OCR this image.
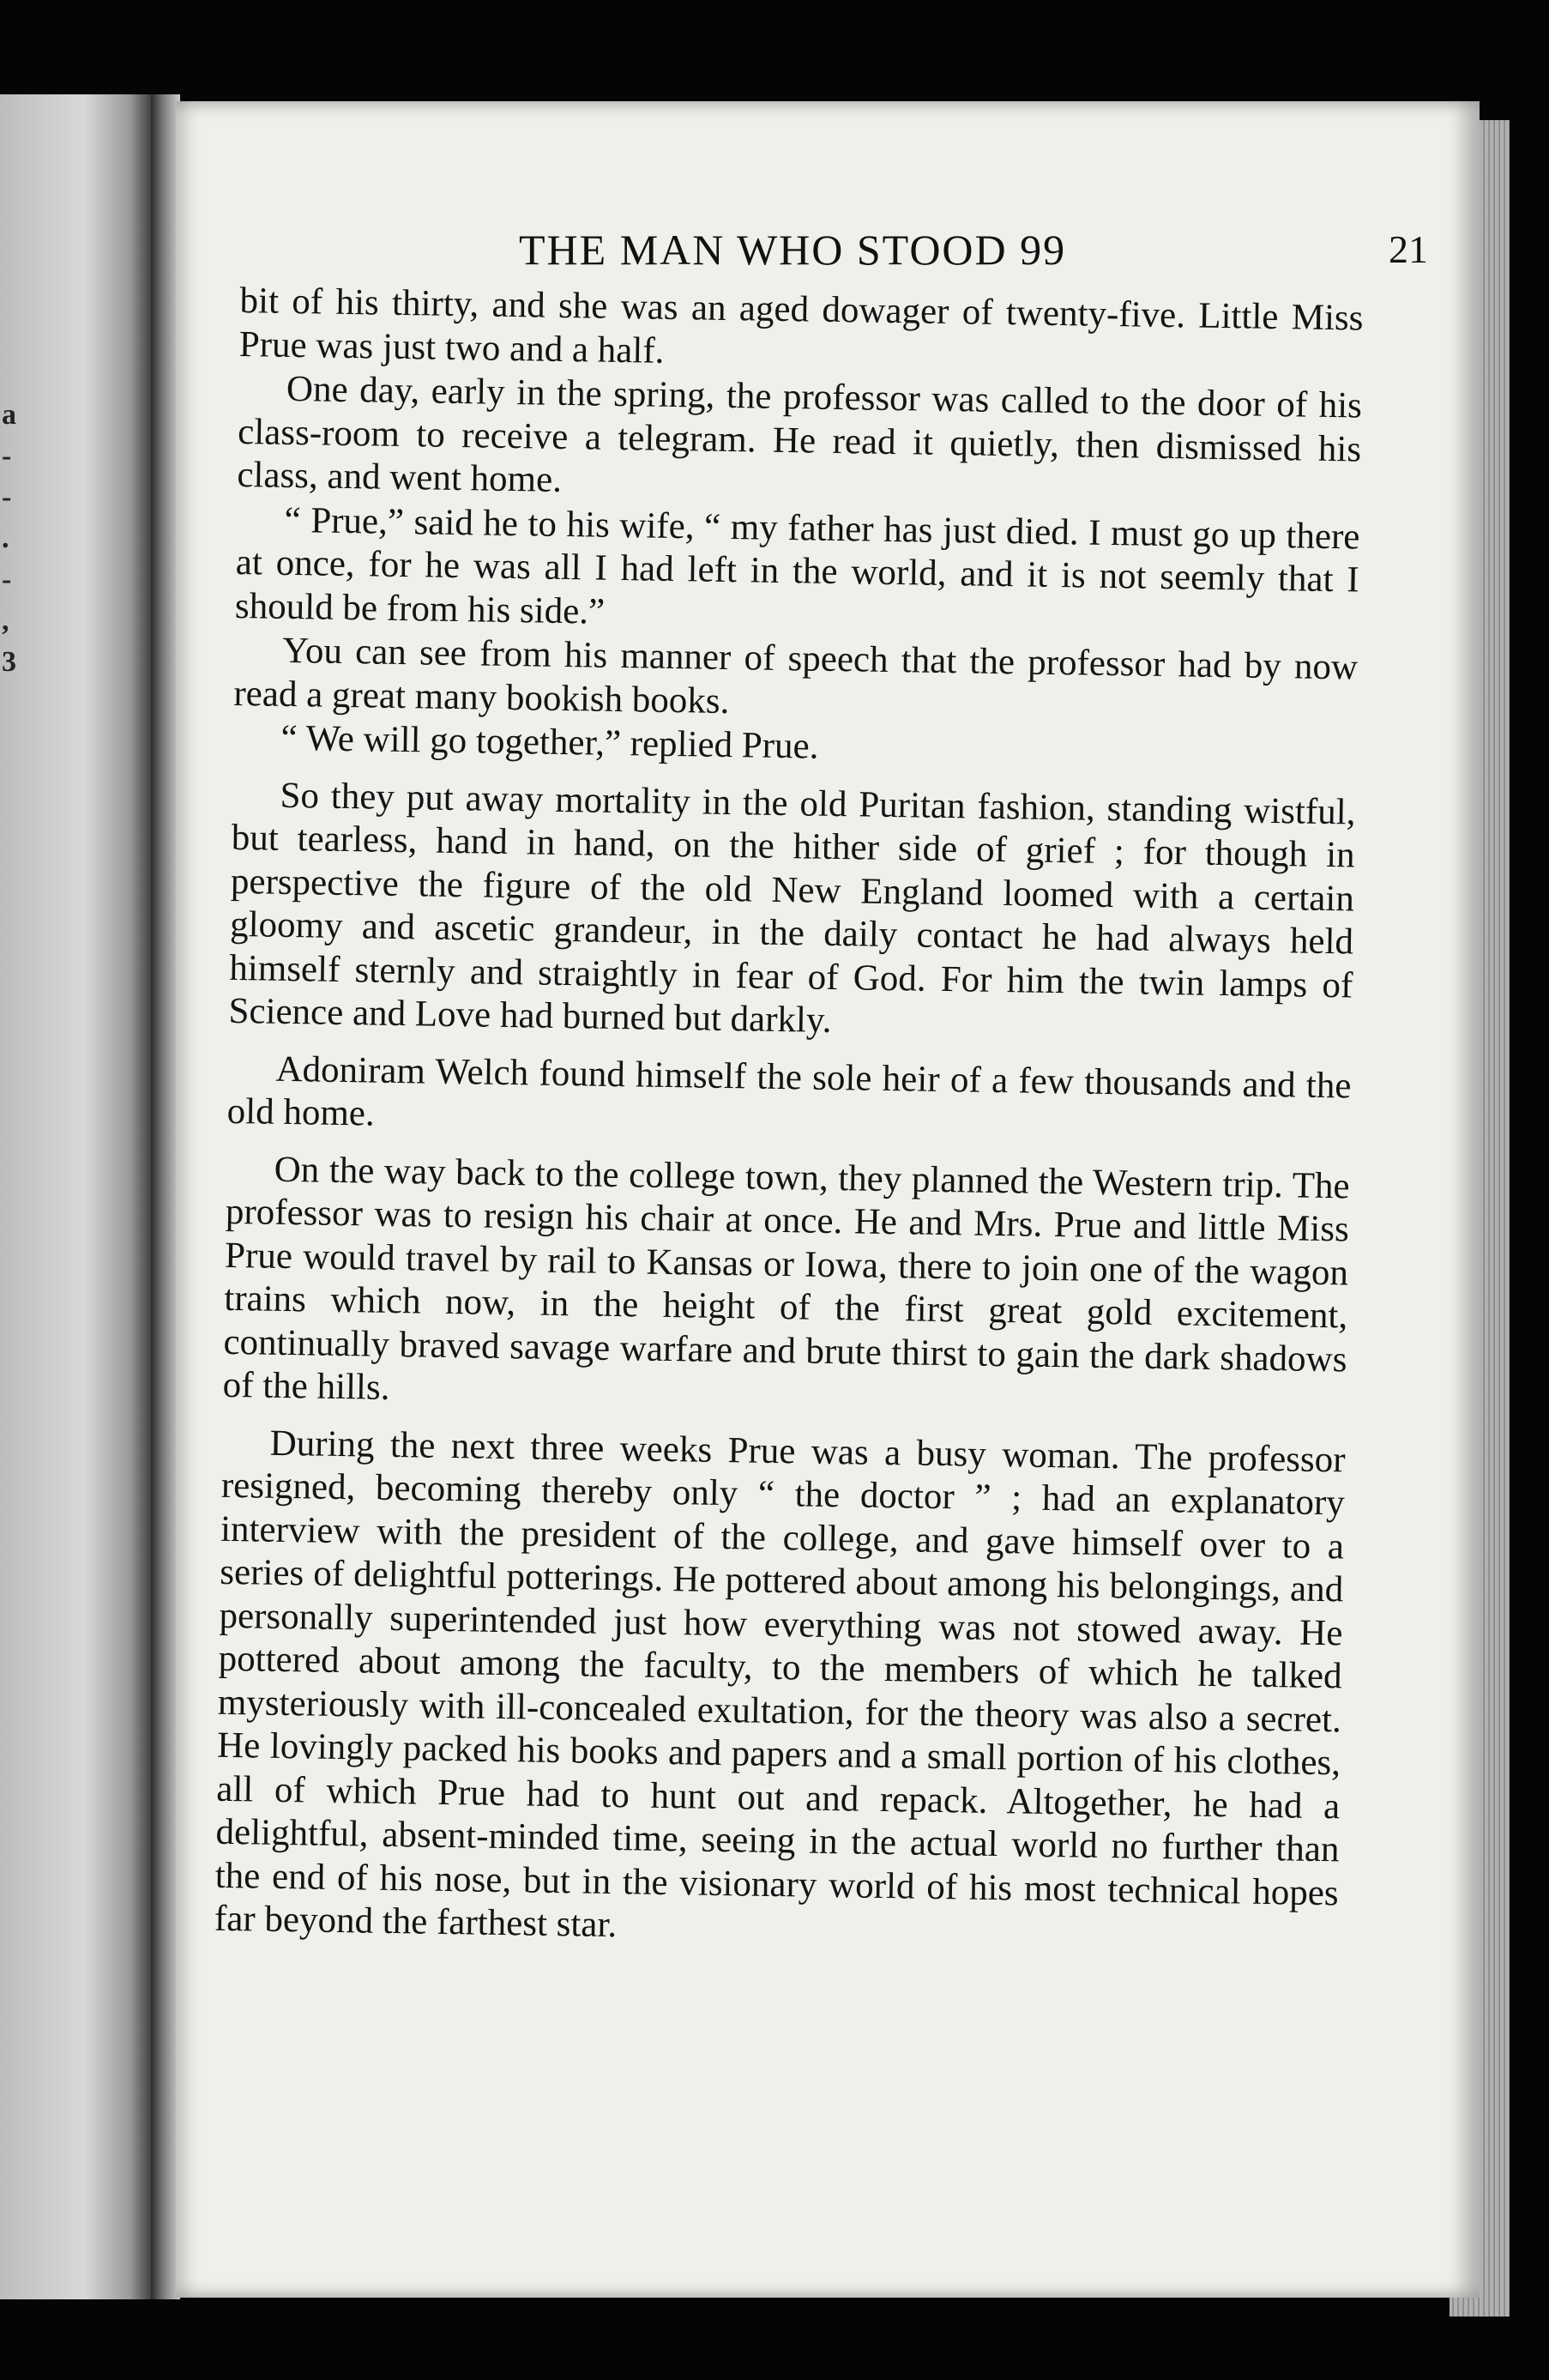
a
-
-
.
-
,
3
THE MAN WHO STOOD 99	21

bit of his thirty, and she was an aged dowager of twenty-five. Little Miss Prue was just two and a half.

One day, early in the spring, the professor was called to the door of his class-room to receive a telegram. He read it quietly, then dismissed his class, and went home.

“ Prue,” said he to his wife, “ my father has just died. I must go up there at once, for he was all I had left in the world, and it is not seemly that I should be from his side.”

You can see from his manner of speech that the professor had by now read a great many bookish books.

“ We will go together,” replied Prue.

So they put away mortality in the old Puritan fashion, standing wistful, but tearless, hand in hand, on the hither side of grief ; for though in perspective the figure of the old New England loomed with a certain gloomy and ascetic grandeur, in the daily contact he had always held himself sternly and straightly in fear of God. For him the twin lamps of Science and Love had burned but darkly.

Adoniram Welch found himself the sole heir of a few thousands and the old home.

On the way back to the college town, they planned the Western trip. The professor was to resign his chair at once. He and Mrs. Prue and little Miss Prue would travel by rail to Kansas or Iowa, there to join one of the wagon trains which now, in the height of the first great gold excitement, continually braved savage warfare and brute thirst to gain the dark shadows of the hills.

During the next three weeks Prue was a busy woman. The professor resigned, becoming thereby only “ the doctor ” ; had an explanatory interview with the president of the college, and gave himself over to a series of delightful potterings. He pottered about among his belongings, and personally superintended just how everything was not stowed away. He pottered about among the faculty, to the members of which he talked mysteriously with ill-concealed exultation, for the theory was also a secret. He lovingly packed his books and papers and a small portion of his clothes, all of which Prue had to hunt out and repack. Altogether, he had a delightful, absent-minded time, seeing in the actual world no further than the end of his nose, but in the visionary world of his most technical hopes far beyond the farthest star.
